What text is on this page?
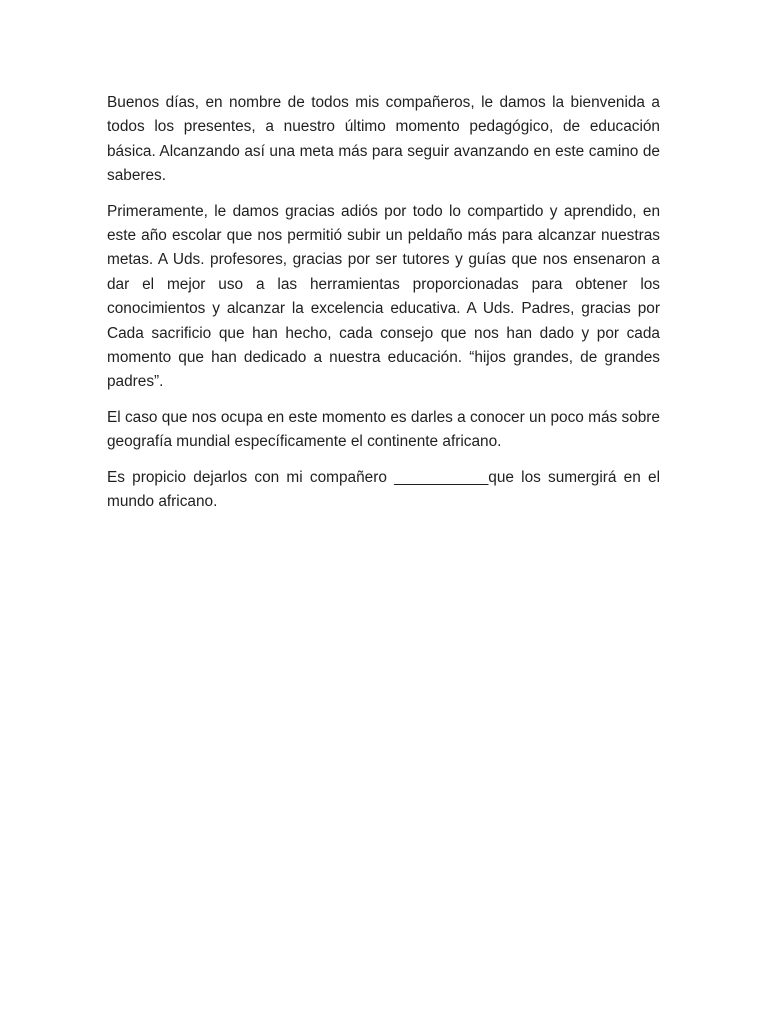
Buenos días, en nombre de todos mis compañeros, le damos la bienvenida a todos los presentes, a nuestro último momento pedagógico, de educación básica. Alcanzando así una meta más para seguir avanzando en este camino de saberes.

Primeramente, le damos gracias adiós por todo lo compartido y aprendido, en este año escolar que nos permitió subir un peldaño más para alcanzar nuestras metas. A Uds. profesores, gracias por ser tutores y guías que nos ensenaron a dar el mejor uso a las herramientas proporcionadas para obtener los conocimientos y alcanzar la excelencia educativa. A Uds. Padres, gracias por Cada sacrificio que han hecho, cada consejo que nos han dado y por cada momento que han dedicado a nuestra educación. “hijos grandes, de grandes padres”.

El caso que nos ocupa en este momento es darles a conocer un poco más sobre geografía mundial específicamente el continente africano.

Es propicio dejarlos con mi compañero ___________que los sumergirá en el mundo africano.
